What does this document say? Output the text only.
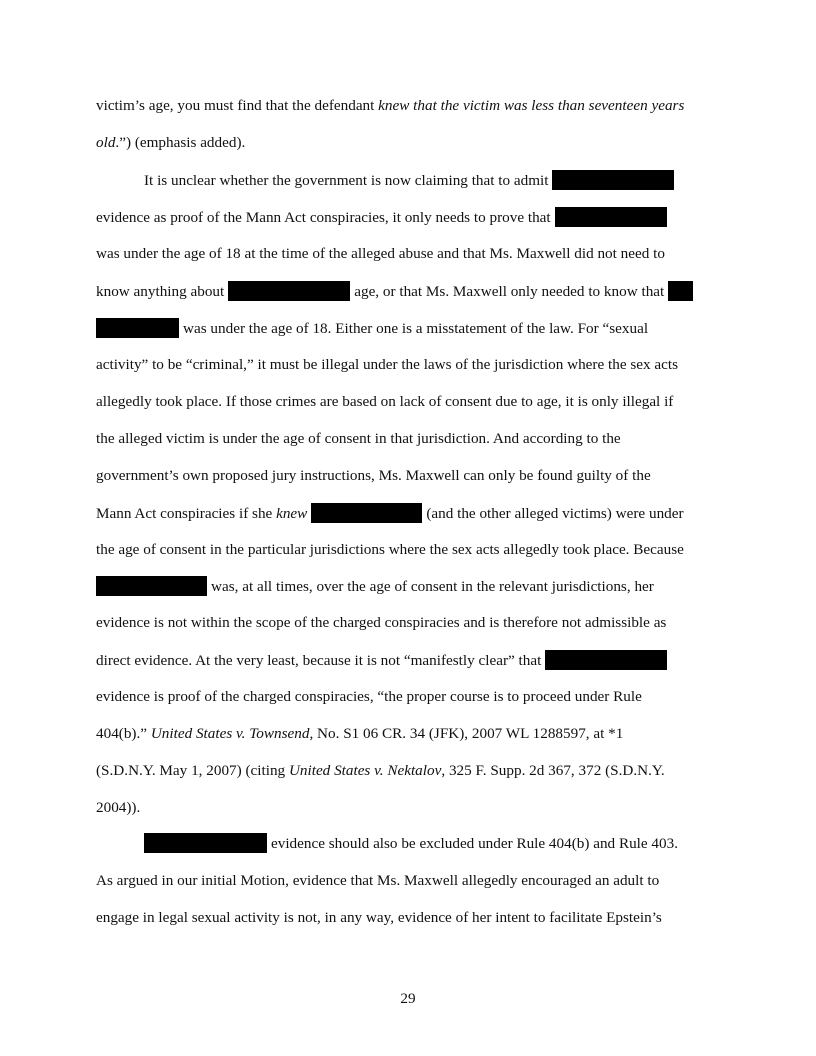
victim’s age, you must find that the defendant knew that the victim was less than seventeen years
old.”) (emphasis added).
It is unclear whether the government is now claiming that to admit
evidence as proof of the Mann Act conspiracies, it only needs to prove that
was under the age of 18 at the time of the alleged abuse and that Ms. Maxwell did not need to
know anything about	age, or that Ms. Maxwell only needed to know that
was under the age of 18. Either one is a misstatement of the law. For “sexual
activity” to be “criminal,” it must be illegal under the laws of the jurisdiction where the sex acts
allegedly took place. If those crimes are based on lack of consent due to age, it is only illegal if
the alleged victim is under the age of consent in that jurisdiction. And according to the
government’s own proposed jury instructions, Ms. Maxwell can only be found guilty of the
Mann Act conspiracies if she knew	(and the other alleged victims) were under
the age of consent in the particular jurisdictions where the sex acts allegedly took place. Because
was, at all times, over the age of consent in the relevant jurisdictions, her
evidence is not within the scope of the charged conspiracies and is therefore not admissible as
direct evidence. At the very least, because it is not “manifestly clear” that
evidence is proof of the charged conspiracies, “the proper course is to proceed under Rule
404(b).” United States v. Townsend, No. S1 06 CR. 34 (JFK), 2007 WL 1288597, at *1
(S.D.N.Y. May 1, 2007) (citing United States v. Nektalov, 325 F. Supp. 2d 367, 372 (S.D.N.Y.
2004)).
evidence should also be excluded under Rule 404(b) and Rule 403.
As argued in our initial Motion, evidence that Ms. Maxwell allegedly encouraged an adult to
engage in legal sexual activity is not, in any way, evidence of her intent to facilitate Epstein’s
29
